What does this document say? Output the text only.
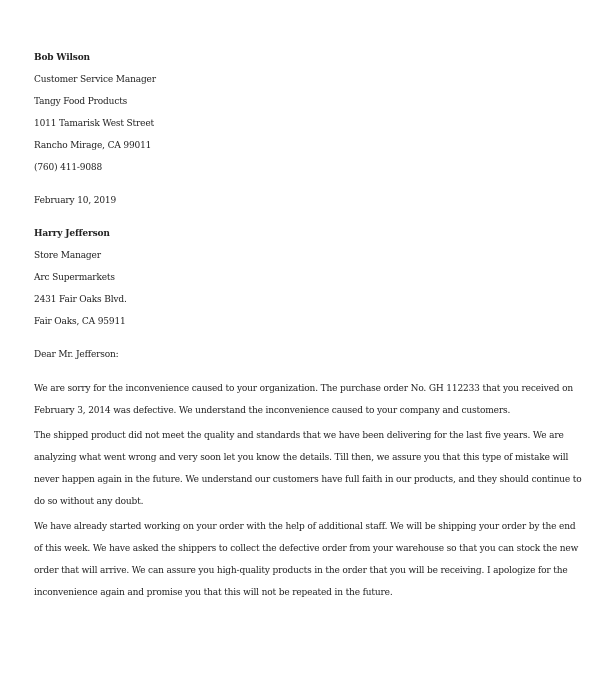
Bob Wilson
Customer Service Manager
Tangy Food Products
1011 Tamarisk West Street
Rancho Mirage, CA 99011
(760) 411-9088
February 10, 2019
Harry Jefferson
Store Manager
Arc Supermarkets
2431 Fair Oaks Blvd.
Fair Oaks, CA 95911
Dear Mr. Jefferson:
We are sorry for the inconvenience caused to your organization. The purchase order No. GH 112233 that you received on February 3, 2014 was defective. We understand the inconvenience caused to your company and customers.
The shipped product did not meet the quality and standards that we have been delivering for the last five years. We are analyzing what went wrong and very soon let you know the details. Till then, we assure you that this type of mistake will never happen again in the future. We understand our customers have full faith in our products, and they should continue to do so without any doubt.
We have already started working on your order with the help of additional staff. We will be shipping your order by the end of this week. We have asked the shippers to collect the defective order from your warehouse so that you can stock the new order that will arrive. We can assure you high-quality products in the order that you will be receiving. I apologize for the inconvenience again and promise you that this will not be repeated in the future.
